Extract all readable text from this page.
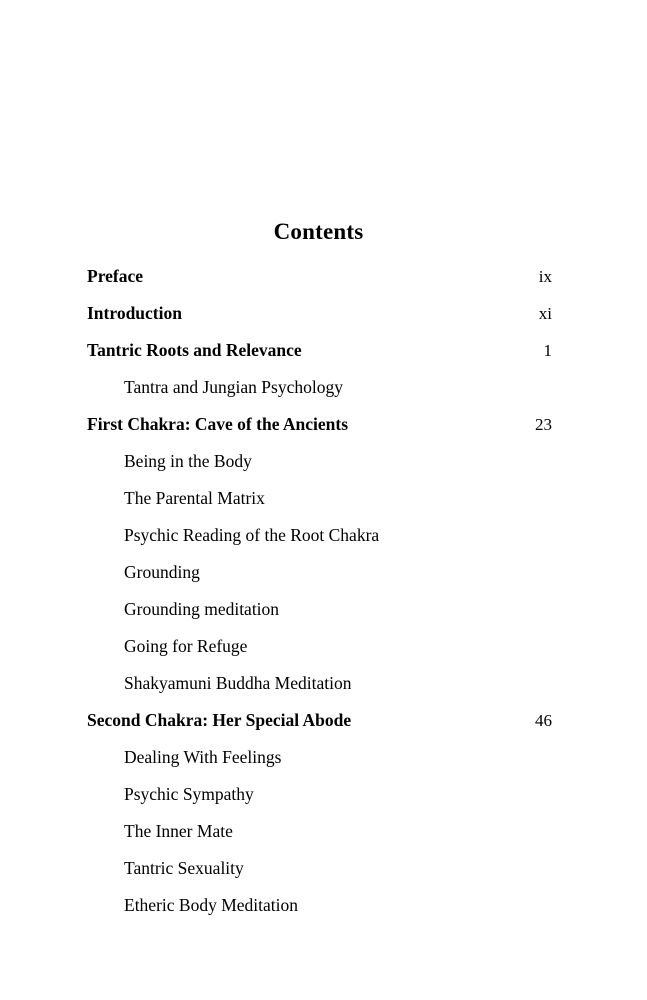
Contents
Preface	ix
Introduction	xi
Tantric Roots and Relevance	1
Tantra and Jungian Psychology
First Chakra: Cave of the Ancients	23
Being in the Body
The Parental Matrix
Psychic Reading of the Root Chakra
Grounding
Grounding meditation
Going for Refuge
Shakyamuni Buddha Meditation
Second Chakra: Her Special Abode	46
Dealing With Feelings
Psychic Sympathy
The Inner Mate
Tantric Sexuality
Etheric Body Meditation
